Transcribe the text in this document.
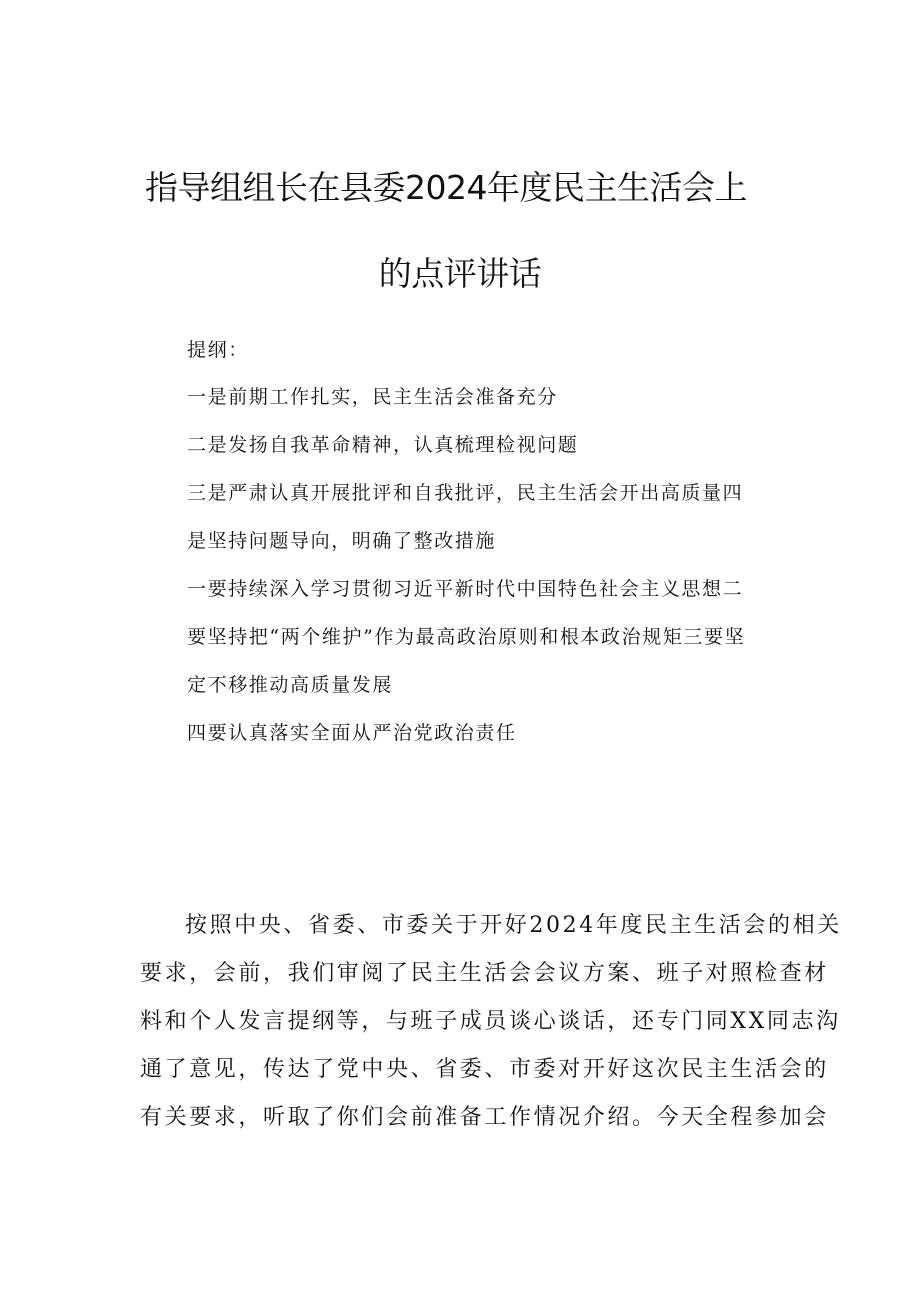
指导组组长在县委2024年度民主生活会上
的点评讲话
提纲：
一是前期工作扎实，民主生活会准备充分
二是发扬自我革命精神，认真梳理检视问题
三是严肃认真开展批评和自我批评，民主生活会开出高质量四
是坚持问题导向，明确了整改措施
一要持续深入学习贯彻习近平新时代中国特色社会主义思想二
要坚持把“两个维护”作为最高政治原则和根本政治规矩三要坚
定不移推动高质量发展
四要认真落实全面从严治党政治责任
按照中央、省委、市委关于开好2024年度民主生活会的相关
要求，会前，我们审阅了民主生活会会议方案、班子对照检查材
料和个人发言提纲等，与班子成员谈心谈话，还专门同XX同志沟
通了意见，传达了党中央、省委、市委对开好这次民主生活会的
有关要求，听取了你们会前准备工作情况介绍。今天全程参加会
